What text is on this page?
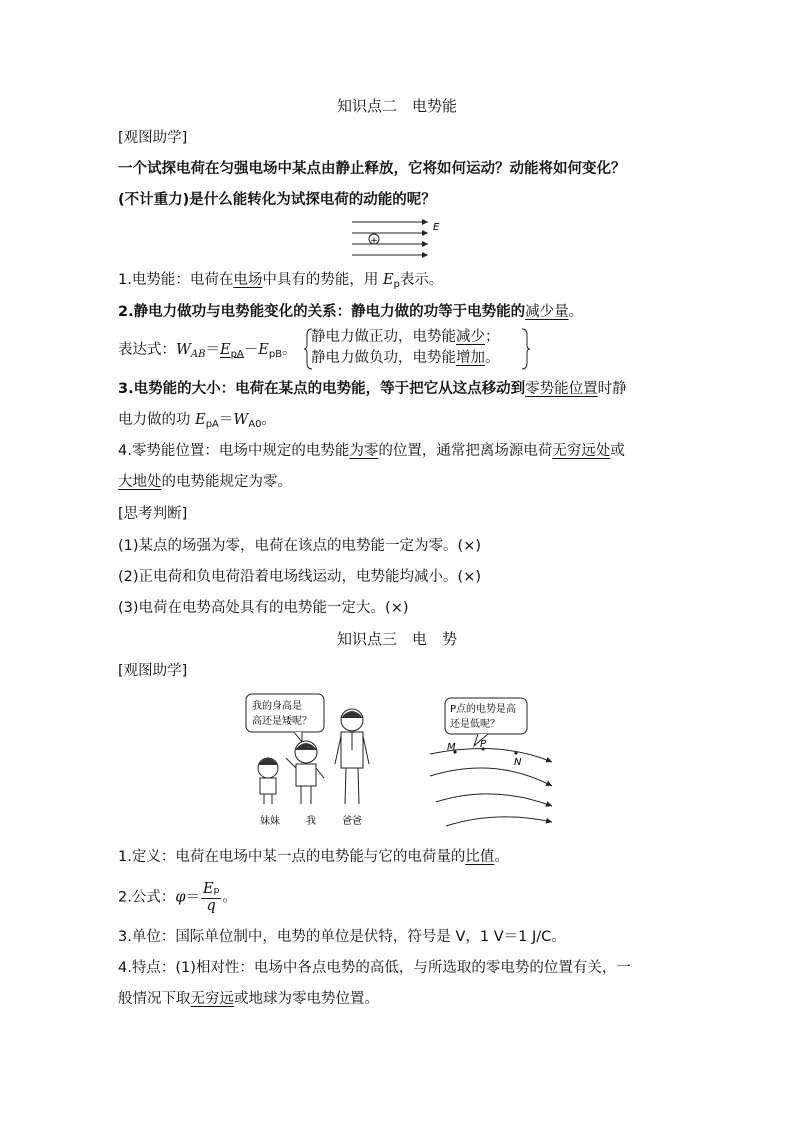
知识点二　电势能
[观图助学]
一个试探电荷在匀强电场中某点由静止释放，它将如何运动？动能将如何变化？
(不计重力)是什么能转化为试探电荷的动能的呢？
+
E
1.电势能：电荷在电场中具有的势能，用 $E_p$表示。
2.静电力做功与电势能变化的关系：静电力做的功等于电势能的减少量。
表达式：$W_{AB}=E_{pA}-E_{pB}$。
静电力做正功，电势能减少；
静电力做负功，电势能增加。
3.电势能的大小：电荷在某点的电势能，等于把它从这点移动到零势能位置时静
电力做的功 $E_{pA}=W_{A0}$。
4.零势能位置：电场中规定的电势能为零的位置，通常把离场源电荷无穷远处或
大地处的电势能规定为零。
[思考判断]
(1)某点的场强为零，电荷在该点的电势能一定为零。(×)
(2)正电荷和负电荷沿着电场线运动，电势能均减小。(×)
(3)电荷在电势高处具有的电势能一定大。(×)
知识点三　电　势
[观图助学]
我的身高是
高还是矮呢？
妹妹	我	爸爸
P点的电势是高
还是低呢？
M P
N
1.定义：电荷在电场中某一点的电势能与它的电荷量的比值。
2.公式：$\varphi= \frac{Ep}{q}$ 。
3.单位：国际单位制中，电势的单位是伏特，符号是 V，1 V＝1 J/C。
4.特点：(1)相对性：电场中各点电势的高低，与所选取的零电势的位置有关，一
般情况下取无穷远或地球为零电势位置。
